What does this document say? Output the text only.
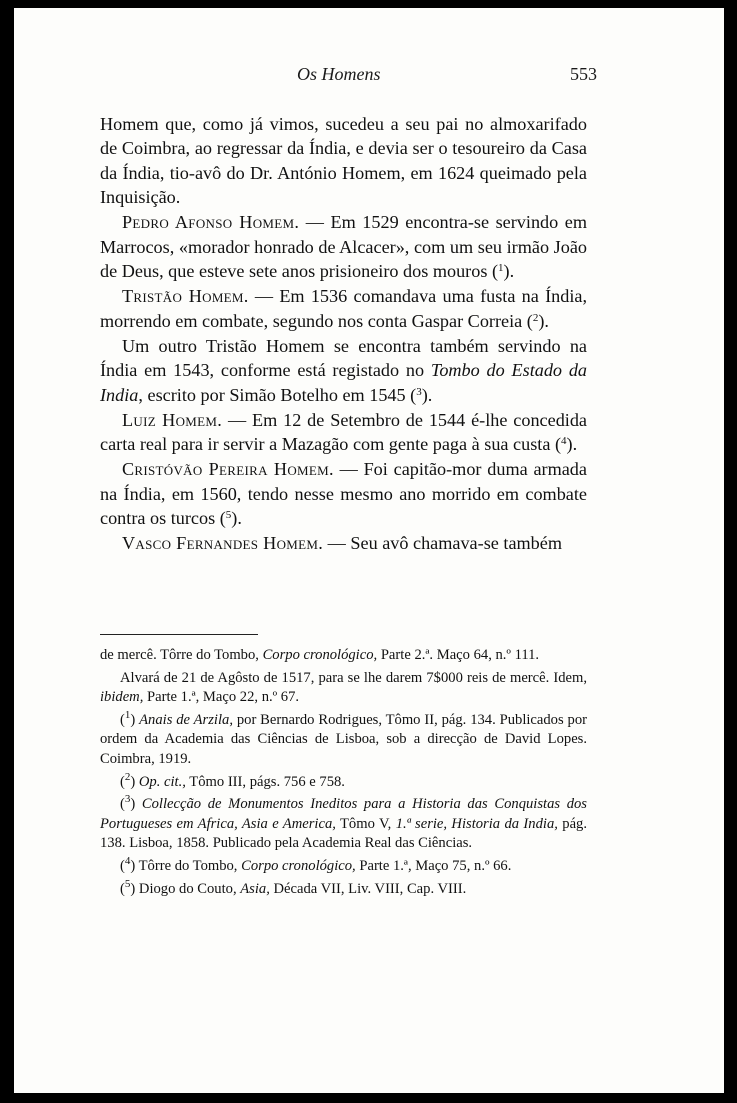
Os Homens	553

Homem que, como já vimos, sucedeu a seu pai no almoxarifado de Coimbra, ao regressar da Índia, e devia ser o tesoureiro da Casa da Índia, tio-avô do Dr. António Homem, em 1624 queimado pela Inquisição.

Pedro Afonso Homem. — Em 1529 encontra-se servindo em Marrocos, «morador honrado de Alcacer», com um seu irmão João de Deus, que esteve sete anos prisioneiro dos mouros ($^1$).

Tristão Homem. — Em 1536 comandava uma fusta na Índia, morrendo em combate, segundo nos conta Gaspar Correia ($^2$).

Um outro Tristão Homem se encontra também servindo na Índia em 1543, conforme está registado no Tombo do Estado da India, escrito por Simão Botelho em 1545 ($^3$).

Luiz Homem. — Em 12 de Setembro de 1544 é-lhe concedida carta real para ir servir a Mazagão com gente paga à sua custa ($^4$).

Cristóvão Pereira Homem. — Foi capitão-mor duma armada na Índia, em 1560, tendo nesse mesmo ano morrido em combate contra os turcos ($^5$).

Vasco Fernandes Homem. — Seu avô chamava-se também

de mercê. Tôrre do Tombo, Corpo cronológico, Parte 2.ª. Maço 64, n.º 111.

Alvará de 21 de Agôsto de 1517, para se lhe darem 7$000 reis de mercê. Idem, ibidem, Parte 1.ª, Maço 22, n.º 67.

($^1$) Anais de Arzila, por Bernardo Rodrigues, Tômo II, pág. 134. Publicados por ordem da Academia das Ciências de Lisboa, sob a direcção de David Lopes. Coimbra, 1919.

($^2$) Op. cit., Tômo III, págs. 756 e 758.

($^3$) Collecção de Monumentos Ineditos para a Historia das Conquistas dos Portugueses em Africa, Asia e America, Tômo V, 1.ª serie, Historia da India, pág. 138. Lisboa, 1858. Publicado pela Academia Real das Ciências.

($^4$) Tôrre do Tombo, Corpo cronológico, Parte 1.ª, Maço 75, n.º 66.

($^5$) Diogo do Couto, Asia, Década VII, Liv. VIII, Cap. VIII.
